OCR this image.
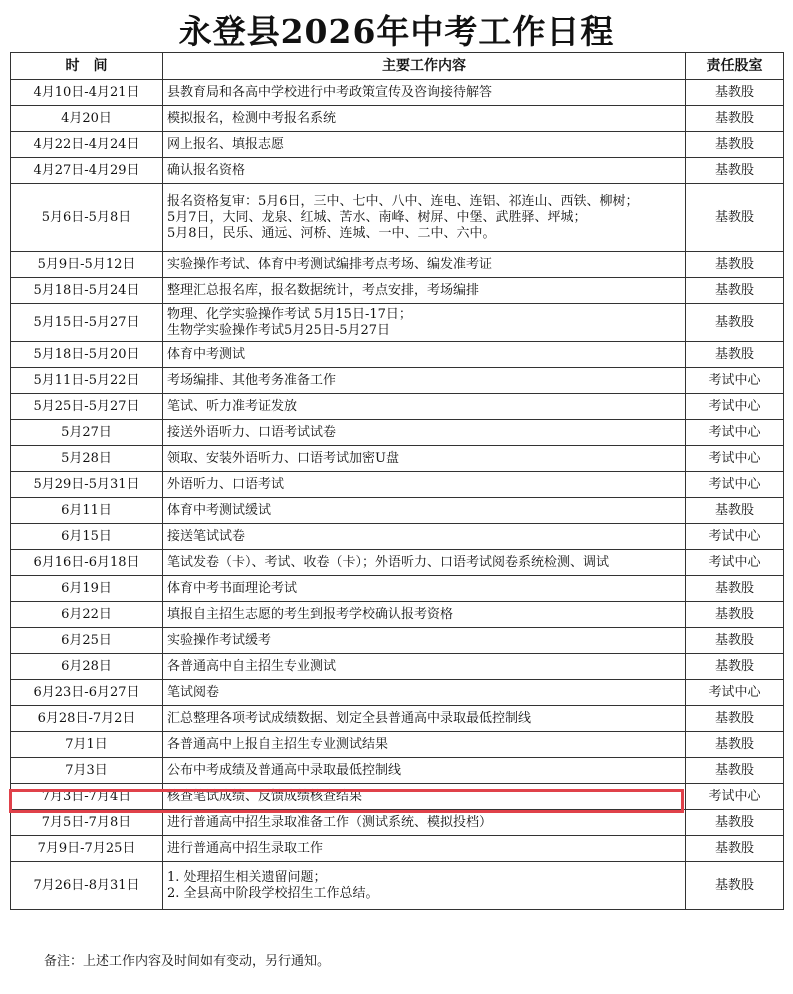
永登县2026年中考工作日程
时　间	主要工作内容	责任股室
4月10日-4月21日	县教育局和各高中学校进行中考政策宣传及咨询接待解答	基教股
4月20日	模拟报名，检测中考报名系统	基教股
4月22日-4月24日	网上报名、填报志愿	基教股
4月27日-4月29日	确认报名资格	基教股
5月6日-5月8日	报名资格复审：5月6日，三中、七中、八中、连电、连铝、祁连山、西铁、柳树；
5月7日，大同、龙泉、红城、苦水、南峰、树屏、中堡、武胜驿、坪城；
5月8日，民乐、通远、河桥、连城、一中、二中、六中。	基教股
5月9日-5月12日	实验操作考试、体育中考测试编排考点考场、编发准考证	基教股
5月18日-5月24日	整理汇总报名库，报名数据统计，考点安排，考场编排	基教股
5月15日-5月27日	物理、化学实验操作考试 5月15日-17日；
生物学实验操作考试5月25日-5月27日	基教股
5月18日-5月20日	体育中考测试	基教股
5月11日-5月22日	考场编排、其他考务准备工作	考试中心
5月25日-5月27日	笔试、听力准考证发放	考试中心
5月27日	接送外语听力、口语考试试卷	考试中心
5月28日	领取、安装外语听力、口语考试加密U盘	考试中心
5月29日-5月31日	外语听力、口语考试	考试中心
6月11日	体育中考测试缓试	基教股
6月15日	接送笔试试卷	考试中心
6月16日-6月18日	笔试发卷（卡）、考试、收卷（卡）；外语听力、口语考试阅卷系统检测、调试	考试中心
6月19日	体育中考书面理论考试	基教股
6月22日	填报自主招生志愿的考生到报考学校确认报考资格	基教股
6月25日	实验操作考试缓考	基教股
6月28日	各普通高中自主招生专业测试	基教股
6月23日-6月27日	笔试阅卷	考试中心
6月28日-7月2日	汇总整理各项考试成绩数据、划定全县普通高中录取最低控制线	基教股
7月1日	各普通高中上报自主招生专业测试结果	基教股
7月3日	公布中考成绩及普通高中录取最低控制线	基教股
7月3日-7月4日	核查笔试成绩、反馈成绩核查结果	考试中心
7月5日-7月8日	进行普通高中招生录取准备工作（测试系统、模拟投档）	基教股
7月9日-7月25日	进行普通高中招生录取工作	基教股
7月26日-8月31日	1. 处理招生相关遗留问题；
2. 全县高中阶段学校招生工作总结。	基教股
备注：上述工作内容及时间如有变动，另行通知。
